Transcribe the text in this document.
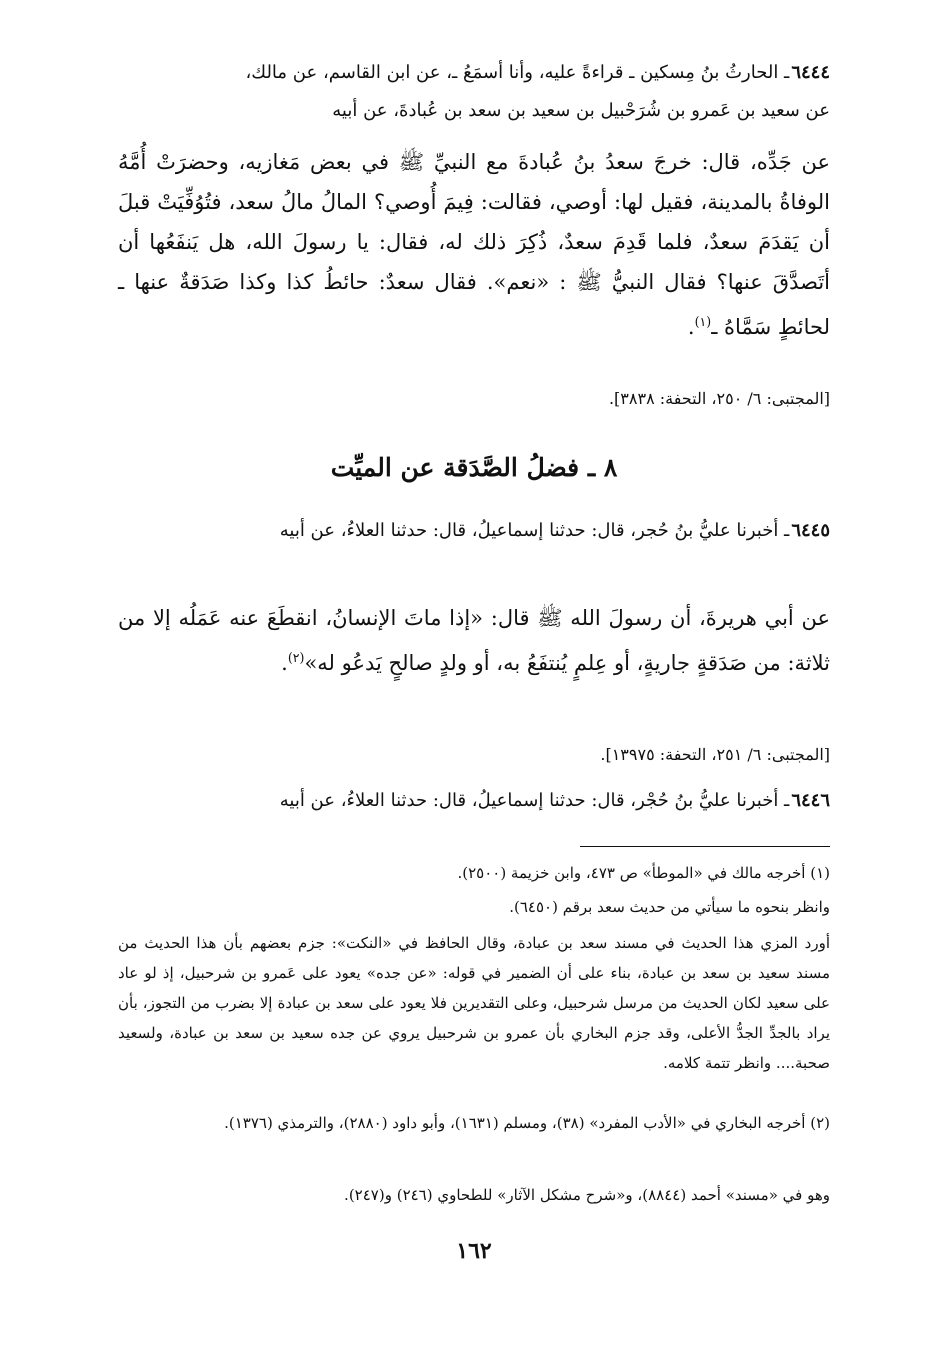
٦٤٤٤ـ الحارثُ بنُ مِسكين ـ قراءةً عليه، وأنا أسمَعُ ـ، عن ابن القاسم، عن مالك،

عن سعيد بن عَمرو بن شُرَحْبيل بن سعيد بن سعد بن عُبادةَ، عن أبيه

عن جَدِّه، قال: خرجَ سعدُ بنُ عُبادةَ مع النبيِّ ﷺ في بعض مَغازيه، وحضرَتْ أُمَّهُ الوفاةُ بالمدينة، فقيل لها: أوصي، فقالت: فِيمَ أُوصي؟ المالُ مالُ سعد، فتُوُفِّيَتْ قبلَ أن يَقدَمَ سعدٌ، فلما قَدِمَ سعدٌ، ذُكِرَ ذلك له، فقال: يا رسولَ الله، هل يَنفَعُها أن أتَصدَّقَ عنها؟ فقال النبيُّ ﷺ : «نعم». فقال سعدٌ: حائطُ كذا وكذا صَدَقةٌ عنها ـ لحائطٍ سَمَّاهُ ـ$^{(١)}$.

[المجتبى: ٦/ ٢٥٠، التحفة: ٣٨٣٨].

٨ ـ فضلُ الصَّدَقة عن الميِّت

٦٤٤٥ـ أخبرنا عليُّ بنُ حُجر، قال: حدثنا إسماعيلُ، قال: حدثنا العلاءُ، عن أبيه

عن أبي هريرةَ، أن رسولَ الله ﷺ قال: «إذا ماتَ الإنسانُ، انقطَعَ عنه عَمَلُه إلا من ثلاثة: من صَدَقةٍ جاريةٍ، أو عِلمٍ يُنتفَعُ به، أو ولدٍ صالحٍ يَدعُو له»$^{(٢)}$.

[المجتبى: ٦/ ٢٥١، التحفة: ١٣٩٧٥].

٦٤٤٦ـ أخبرنا عليُّ بنُ حُجْر، قال: حدثنا إسماعيلُ، قال: حدثنا العلاءُ، عن أبيه

(١) أخرجه مالك في «الموطأ» ص ٤٧٣، وابن خزيمة (٢٥٠٠).

وانظر بنحوه ما سيأتي من حديث سعد برقم (٦٤٥٠).

أورد المزي هذا الحديث في مسند سعد بن عبادة، وقال الحافظ في «النكت»: جزم بعضهم بأن هذا الحديث من مسند سعيد بن سعد بن عبادة، بناء على أن الضمير في قوله: «عن جده» يعود على عَمرو بن شرحبيل، إذ لو عاد على سعيد لكان الحديث من مرسل شرحبيل، وعلى التقديرين فلا يعود على سعد بن عبادة إلا بضرب من التجوز، بأن يراد بالجدِّ الجدُّ الأعلى، وقد جزم البخاري بأن عمرو بن شرحبيل يروي عن جده سعيد بن سعد بن عبادة، ولسعيد صحبة.... وانظر تتمة كلامه.

(٢) أخرجه البخاري في «الأدب المفرد» (٣٨)، ومسلم (١٦٣١)، وأبو داود (٢٨٨٠)، والترمذي (١٣٧٦).

وهو في «مسند» أحمد (٨٨٤٤)، و«شرح مشكل الآثار» للطحاوي (٢٤٦) و(٢٤٧).

١٦٢
